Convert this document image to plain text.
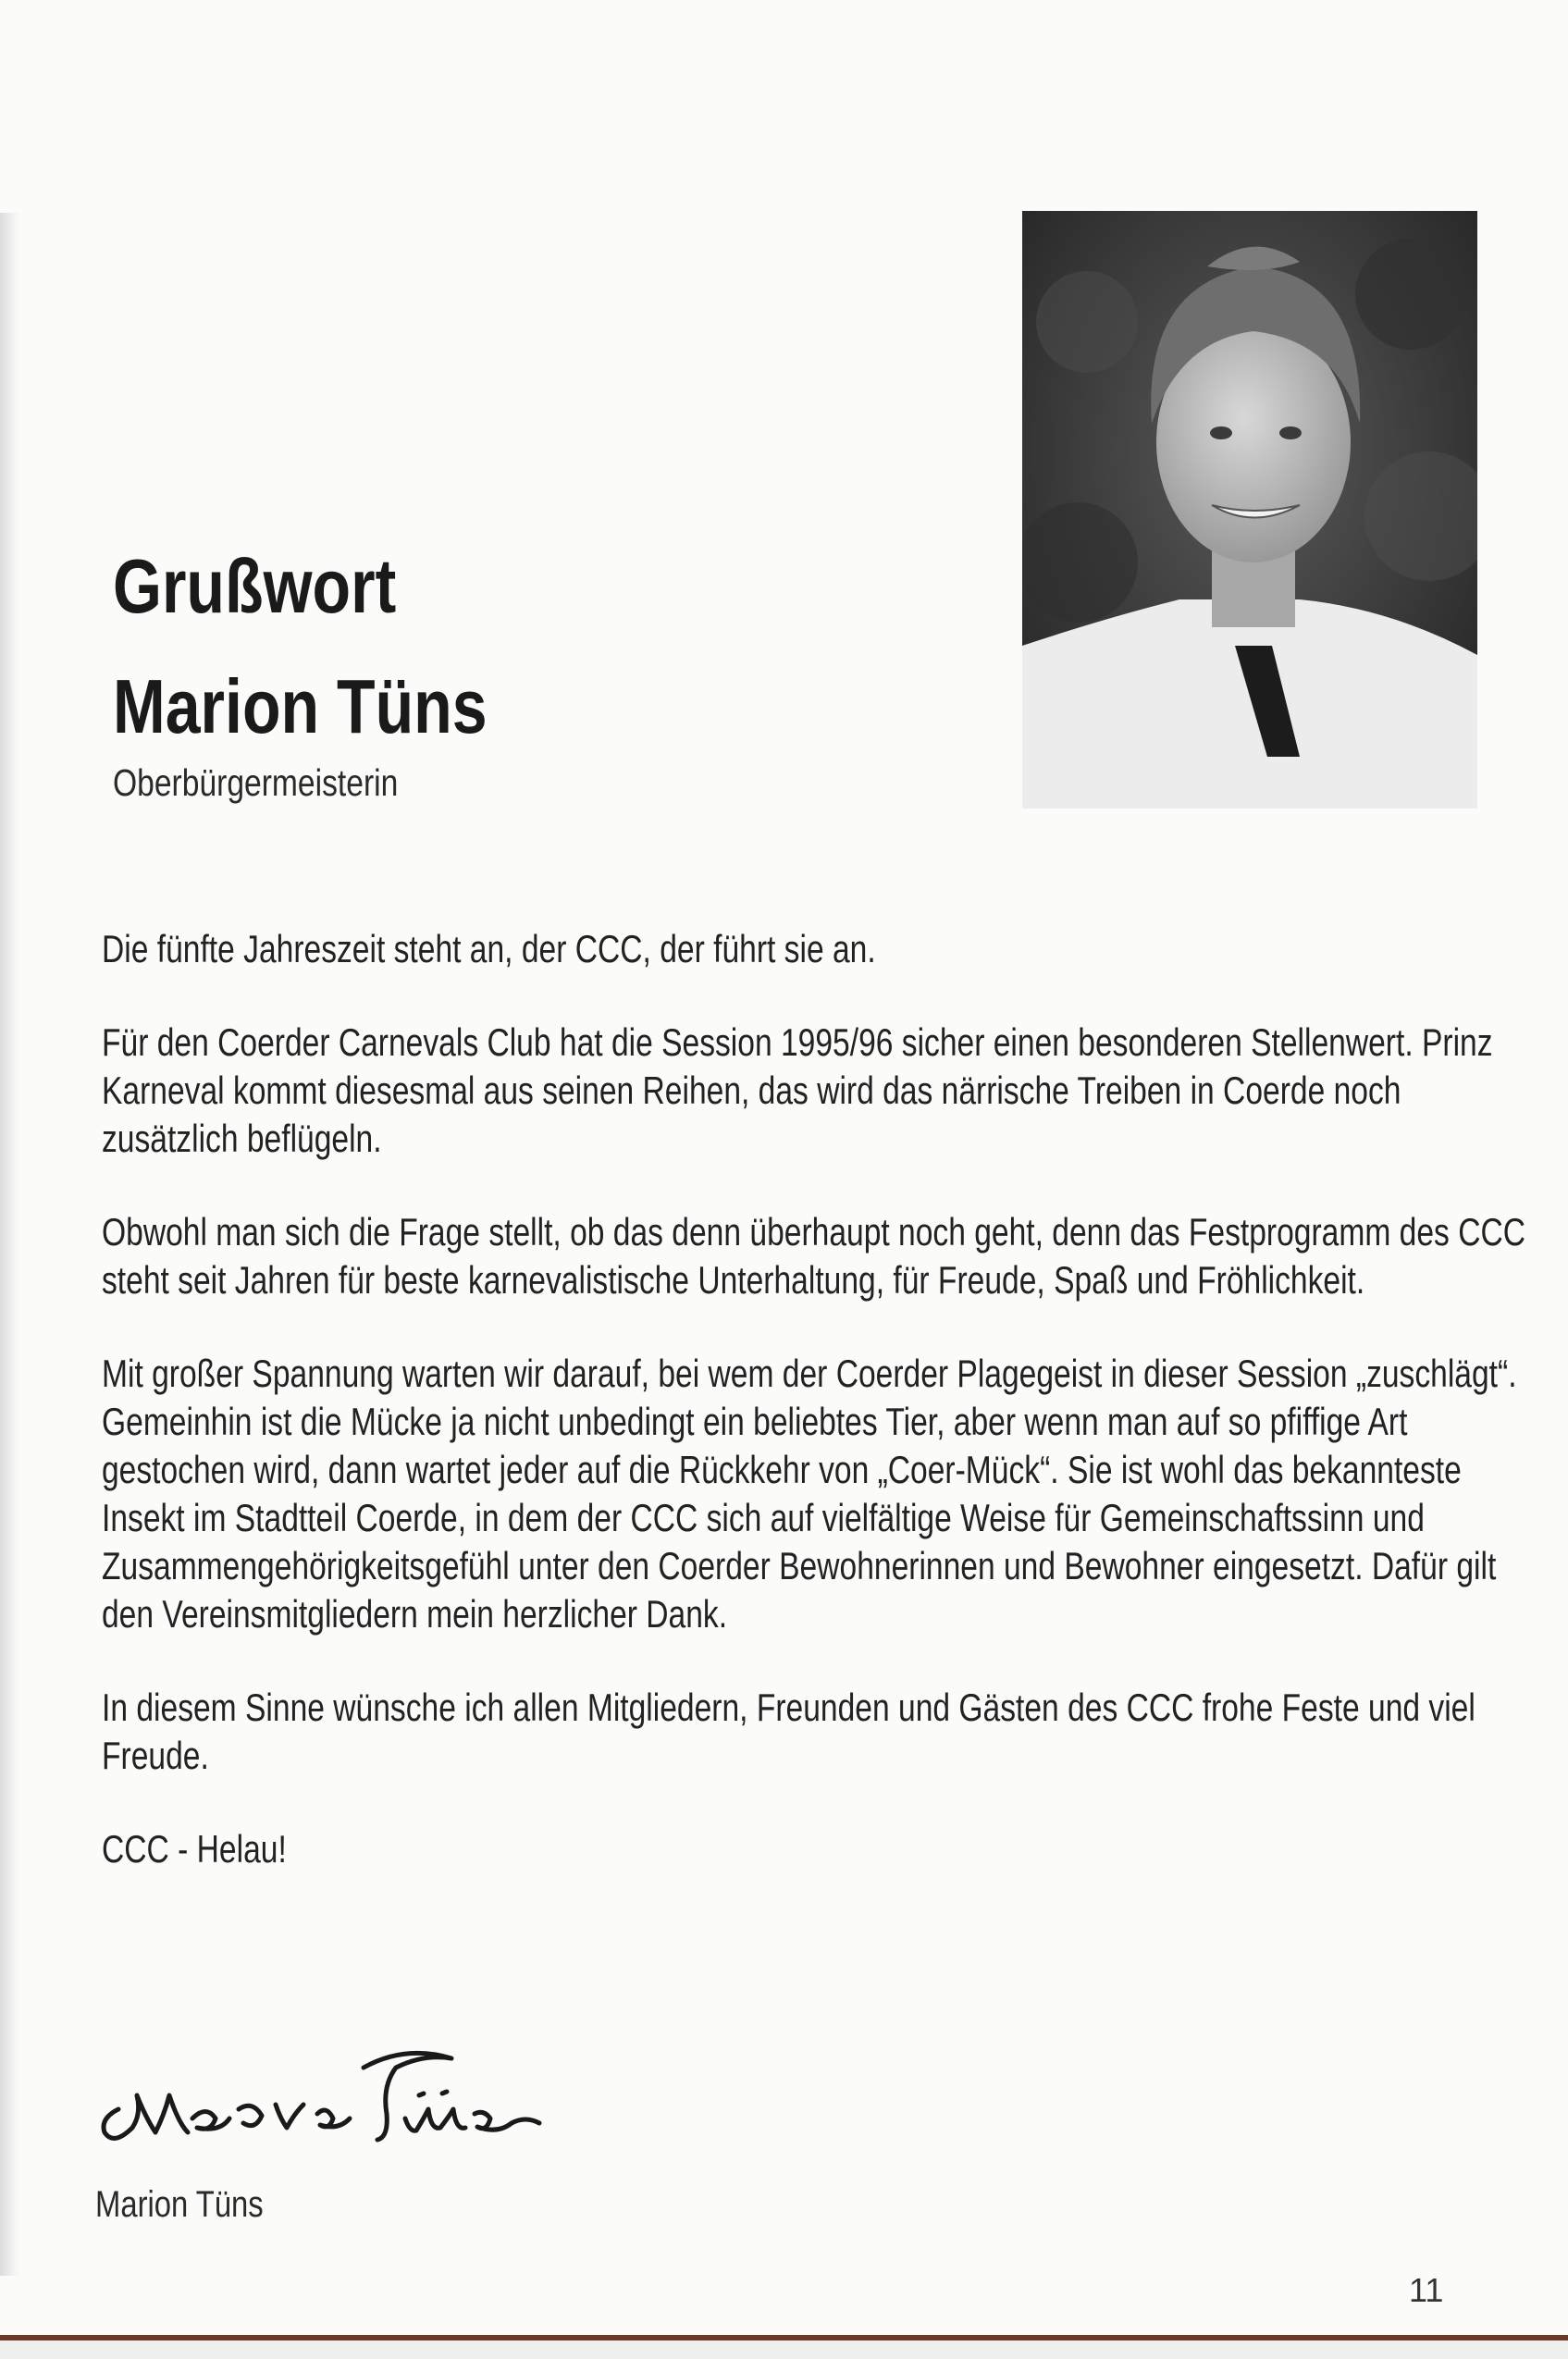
Grußwort
Marion Tüns
Oberbürgermeisterin

Die fünfte Jahreszeit steht an, der CCC, der führt sie an.

Für den Coerder Carnevals Club hat die Session 1995/96 sicher einen besonderen Stellenwert. Prinz Karneval kommt diesesmal aus seinen Reihen, das wird das närrische Treiben in Coerde noch zusätzlich beflügeln.

Obwohl man sich die Frage stellt, ob das denn überhaupt noch geht, denn das Festprogramm des CCC steht seit Jahren für beste karnevalistische Unterhaltung, für Freude, Spaß und Fröhlichkeit.

Mit großer Spannung warten wir darauf, bei wem der Coerder Plagegeist in dieser Session „zuschlägt“. Gemeinhin ist die Mücke ja nicht unbedingt ein beliebtes Tier, aber wenn man auf so pfiffige Art gestochen wird, dann wartet jeder auf die Rückkehr von „Coer-Mück“. Sie ist wohl das bekannteste Insekt im Stadtteil Coerde, in dem der CCC sich auf vielfältige Weise für Gemeinschaftssinn und Zusammengehörigkeitsgefühl unter den Coerder Bewohnerinnen und Bewohner eingesetzt. Dafür gilt den Vereinsmitgliedern mein herzlicher Dank.

In diesem Sinne wünsche ich allen Mitgliedern, Freunden und Gästen des CCC frohe Feste und viel Freude.

CCC - Helau!

Marion Tüns
11
